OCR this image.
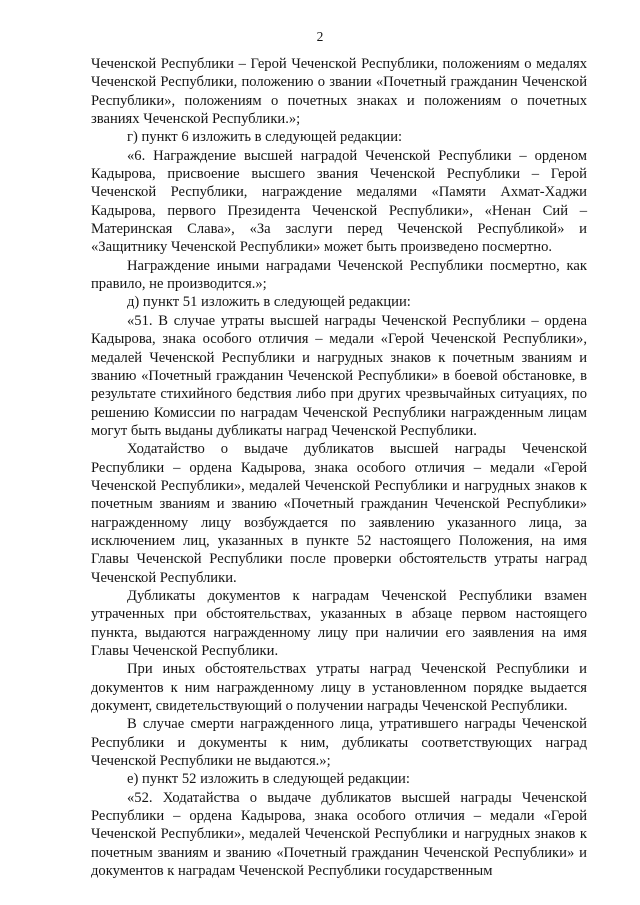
2

Чеченской Республики – Герой Чеченской Республики, положениям о медалях Чеченской Республики, положению о звании «Почетный гражданин Чеченской Республики», положениям о почетных знаках и положениям о почетных званиях Чеченской Республики.»;

г) пункт 6 изложить в следующей редакции:

«6. Награждение высшей наградой Чеченской Республики – орденом Кадырова, присвоение высшего звания Чеченской Республики – Герой Чеченской Республики, награждение медалями «Памяти Ахмат-Хаджи Кадырова, первого Президента Чеченской Республики», «Ненан Сий – Материнская Слава», «За заслуги перед Чеченской Республикой» и «Защитнику Чеченской Республики» может быть произведено посмертно.

Награждение иными наградами Чеченской Республики посмертно, как правило, не производится.»;

д) пункт 51 изложить в следующей редакции:

«51. В случае утраты высшей награды Чеченской Республики – ордена Кадырова, знака особого отличия – медали «Герой Чеченской Республики», медалей Чеченской Республики и нагрудных знаков к почетным званиям и званию «Почетный гражданин Чеченской Республики» в боевой обстановке, в результате стихийного бедствия либо при других чрезвычайных ситуациях, по решению Комиссии по наградам Чеченской Республики награжденным лицам могут быть выданы дубликаты наград Чеченской Республики.

Ходатайство о выдаче дубликатов высшей награды Чеченской Республики – ордена Кадырова, знака особого отличия – медали «Герой Чеченской Республики», медалей Чеченской Республики и нагрудных знаков к почетным званиям и званию «Почетный гражданин Чеченской Республики» награжденному лицу возбуждается по заявлению указанного лица, за исключением лиц, указанных в пункте 52 настоящего Положения, на имя Главы Чеченской Республики после проверки обстоятельств утраты наград Чеченской Республики.

Дубликаты документов к наградам Чеченской Республики взамен утраченных при обстоятельствах, указанных в абзаце первом настоящего пункта, выдаются награжденному лицу при наличии его заявления на имя Главы Чеченской Республики.

При иных обстоятельствах утраты наград Чеченской Республики и документов к ним награжденному лицу в установленном порядке выдается документ, свидетельствующий о получении награды Чеченской Республики.

В случае смерти награжденного лица, утратившего награды Чеченской Республики и документы к ним, дубликаты соответствующих наград Чеченской Республики не выдаются.»;

е) пункт 52 изложить в следующей редакции:

«52. Ходатайства о выдаче дубликатов высшей награды Чеченской Республики – ордена Кадырова, знака особого отличия – медали «Герой Чеченской Республики», медалей Чеченской Республики и нагрудных знаков к почетным званиям и званию «Почетный гражданин Чеченской Республики» и документов к наградам Чеченской Республики государственным
